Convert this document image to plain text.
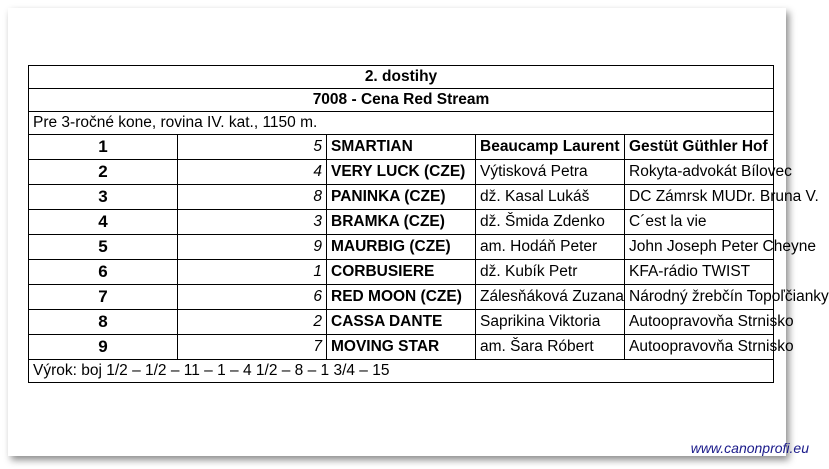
2. dostihy				
7008 - Cena Red Stream				
Pre 3-ročné kone, rovina IV. kat., 1150 m.				
1	5	SMARTIAN	Beaucamp Laurent	Gestüt Güthler Hof
2	4	VERY LUCK (CZE)	Výtisková Petra	Rokyta-advokát Bílovec
3	8	PANINKA (CZE)	dž. Kasal Lukáš	DC Zámrsk MUDr. Bruna V.
4	3	BRAMKA (CZE)	dž. Šmida Zdenko	C´est la vie
5	9	MAURBIG (CZE)	am. Hodáň Peter	John Joseph Peter Cheyne
6	1	CORBUSIERE	dž. Kubík Petr	KFA-rádio TWIST
7	6	RED MOON (CZE)	Zálesňáková Zuzana	Národný žrebčín Topoľčianky
8	2	CASSA DANTE	Saprikina Viktoria	Autoopravovňa Strnisko
9	7	MOVING STAR	am. Šara Róbert	Autoopravovňa Strnisko
Výrok: boj 1/2 – 1/2 – 11 – 1 – 4 1/2 – 8 – 1 3/4 – 15				
www.canonprofi.eu
